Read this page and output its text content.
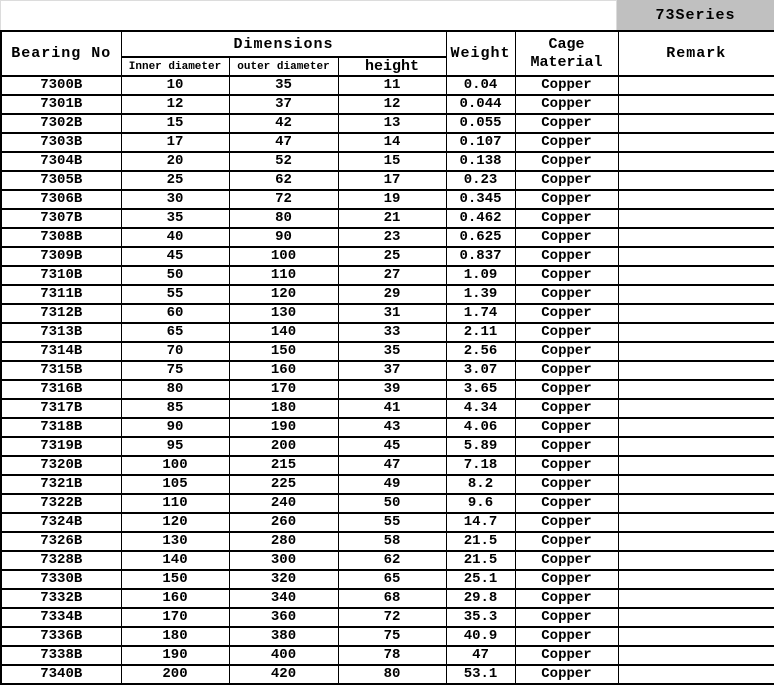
73Series
Bearing No	Dimensions			Weight	Cage Material	Remark
	Inner diameter	outer diameter	height			
7300B	10	35	11	0.04	Copper	
7301B	12	37	12	0.044	Copper	
7302B	15	42	13	0.055	Copper	
7303B	17	47	14	0.107	Copper	
7304B	20	52	15	0.138	Copper	
7305B	25	62	17	0.23	Copper	
7306B	30	72	19	0.345	Copper	
7307B	35	80	21	0.462	Copper	
7308B	40	90	23	0.625	Copper	
7309B	45	100	25	0.837	Copper	
7310B	50	110	27	1.09	Copper	
7311B	55	120	29	1.39	Copper	
7312B	60	130	31	1.74	Copper	
7313B	65	140	33	2.11	Copper	
7314B	70	150	35	2.56	Copper	
7315B	75	160	37	3.07	Copper	
7316B	80	170	39	3.65	Copper	
7317B	85	180	41	4.34	Copper	
7318B	90	190	43	4.06	Copper	
7319B	95	200	45	5.89	Copper	
7320B	100	215	47	7.18	Copper	
7321B	105	225	49	8.2	Copper	
7322B	110	240	50	9.6	Copper	
7324B	120	260	55	14.7	Copper	
7326B	130	280	58	21.5	Copper	
7328B	140	300	62	21.5	Copper	
7330B	150	320	65	25.1	Copper	
7332B	160	340	68	29.8	Copper	
7334B	170	360	72	35.3	Copper	
7336B	180	380	75	40.9	Copper	
7338B	190	400	78	47	Copper	
7340B	200	420	80	53.1	Copper	
